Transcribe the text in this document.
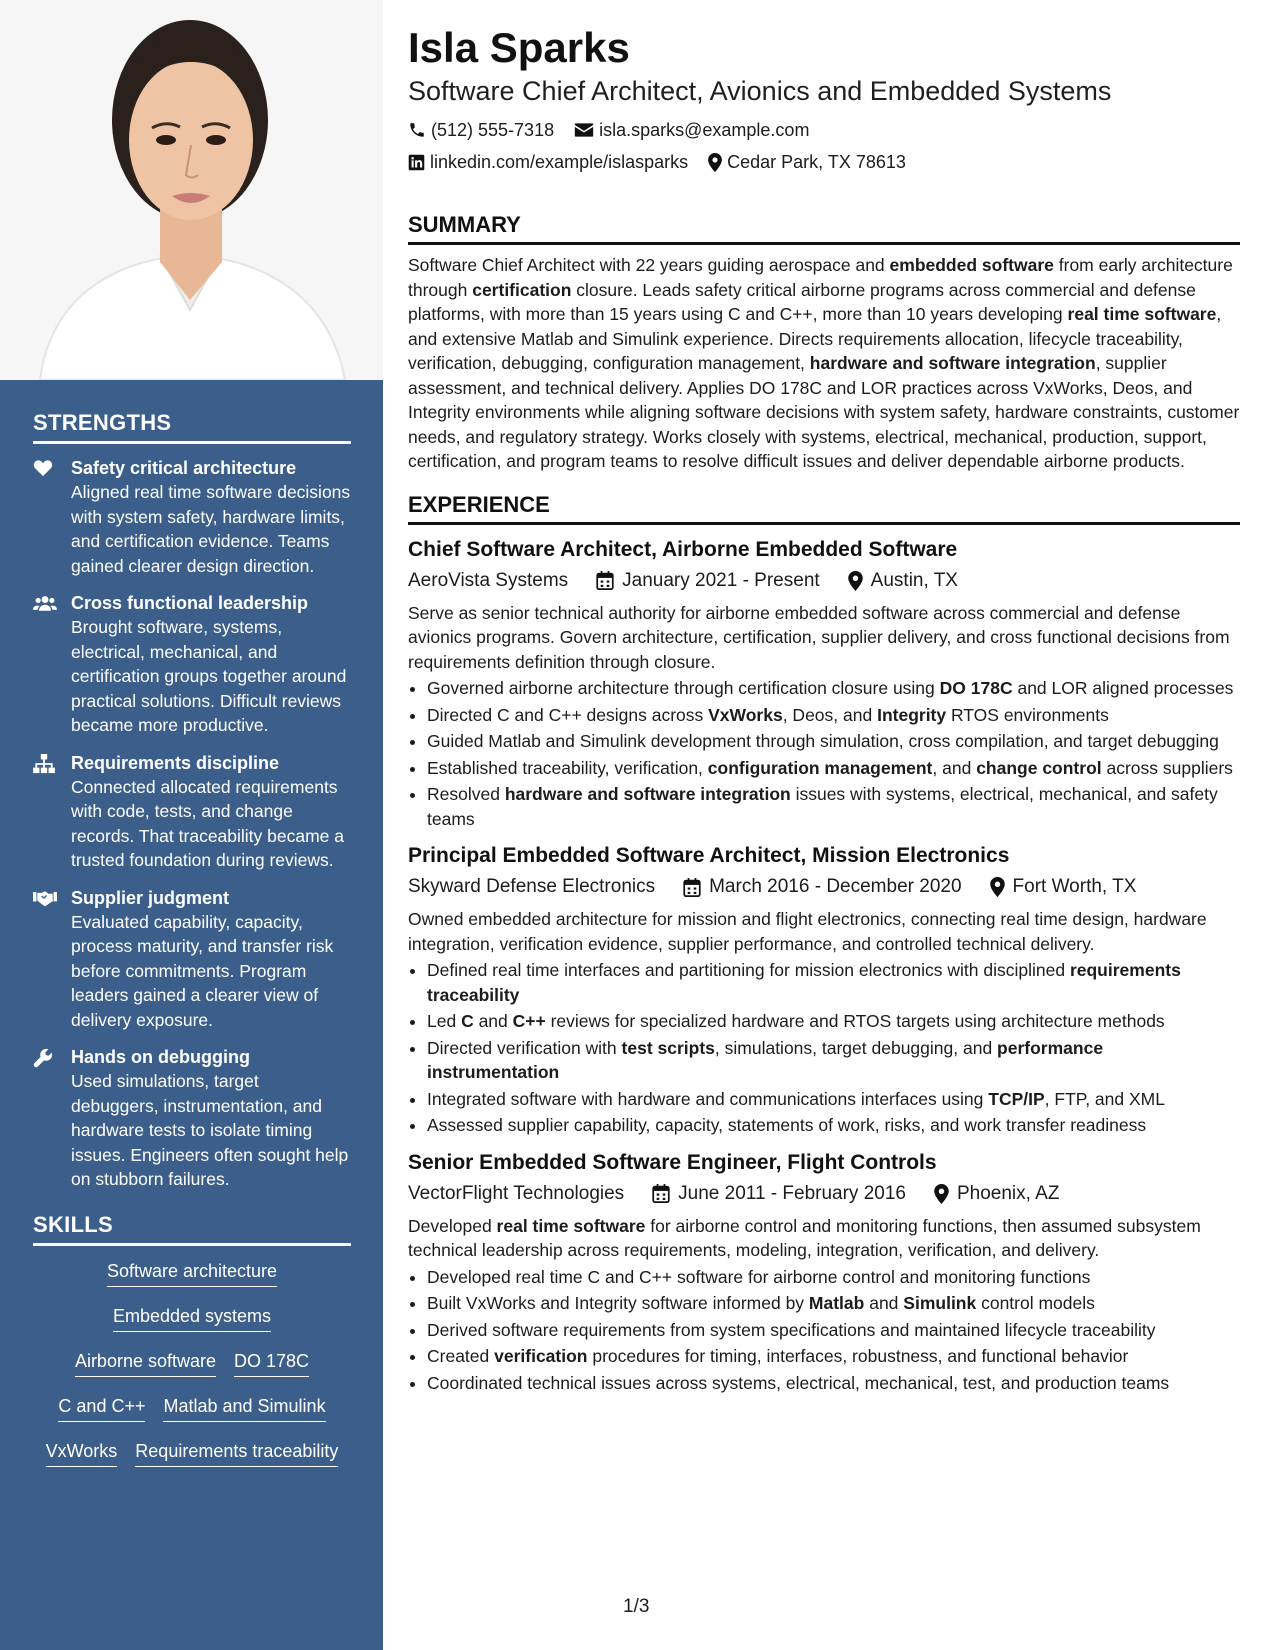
STRENGTHS
Safety critical architecture
Aligned real time software decisions with system safety, hardware limits, and certification evidence. Teams gained clearer design direction.
Cross functional leadership
Brought software, systems, electrical, mechanical, and certification groups together around practical solutions. Difficult reviews became more productive.
Requirements discipline
Connected allocated requirements with code, tests, and change records. That traceability became a trusted foundation during reviews.
Supplier judgment
Evaluated capability, capacity, process maturity, and transfer risk before commitments. Program leaders gained a clearer view of delivery exposure.
Hands on debugging
Used simulations, target debuggers, instrumentation, and hardware tests to isolate timing issues. Engineers often sought help on stubborn failures.
SKILLS
Software architecture
Embedded systems
Airborne software DO 178C
C and C++ Matlab and Simulink
VxWorks Requirements traceability
Isla Sparks
Software Chief Architect, Avionics and Embedded Systems
(512) 555-7318	isla.sparks@example.com
linkedin.com/example/islasparks Cedar Park, TX 78613
SUMMARY

Software Chief Architect with 22 years guiding aerospace and embedded software from early architecture through certification closure. Leads safety critical airborne programs across commercial and defense platforms, with more than 15 years using C and C++, more than 10 years developing real time software, and extensive Matlab and Simulink experience. Directs requirements allocation, lifecycle traceability, verification, debugging, configuration management, hardware and software integration, supplier assessment, and technical delivery. Applies DO 178C and LOR practices across VxWorks, Deos, and Integrity environments while aligning software decisions with system safety, hardware constraints, customer needs, and regulatory strategy. Works closely with systems, electrical, mechanical, production, support, certification, and program teams to resolve difficult issues and deliver dependable airborne products.

EXPERIENCE
Chief Software Architect, Airborne Embedded Software
AeroVista Systems	January 2021 - Present	Austin, TX

Serve as senior technical authority for airborne embedded software across commercial and defense avionics programs. Govern architecture, certification, supplier delivery, and cross functional decisions from requirements definition through closure.

• Governed airborne architecture through certification closure using DO 178C and LOR aligned processes
• Directed C and C++ designs across VxWorks, Deos, and Integrity RTOS environments
• Guided Matlab and Simulink development through simulation, cross compilation, and target debugging
• Established traceability, verification, configuration management, and change control across suppliers
• Resolved hardware and software integration issues with systems, electrical, mechanical, and safety teams
Principal Embedded Software Architect, Mission Electronics
Skyward Defense Electronics	March 2016 - December 2020	Fort Worth, TX

Owned embedded architecture for mission and flight electronics, connecting real time design, hardware integration, verification evidence, supplier performance, and controlled technical delivery.

• Defined real time interfaces and partitioning for mission electronics with disciplined requirements traceability
• Led C and C++ reviews for specialized hardware and RTOS targets using architecture methods
• Directed verification with test scripts, simulations, target debugging, and performance instrumentation
• Integrated software with hardware and communications interfaces using TCP/IP, FTP, and XML
• Assessed supplier capability, capacity, statements of work, risks, and work transfer readiness
Senior Embedded Software Engineer, Flight Controls
VectorFlight Technologies	June 2011 - February 2016	Phoenix, AZ

Developed real time software for airborne control and monitoring functions, then assumed subsystem technical leadership across requirements, modeling, integration, verification, and delivery.

• Developed real time C and C++ software for airborne control and monitoring functions
• Built VxWorks and Integrity software informed by Matlab and Simulink control models
• Derived software requirements from system specifications and maintained lifecycle traceability
• Created verification procedures for timing, interfaces, robustness, and functional behavior
• Coordinated technical issues across systems, electrical, mechanical, test, and production teams
1/3
